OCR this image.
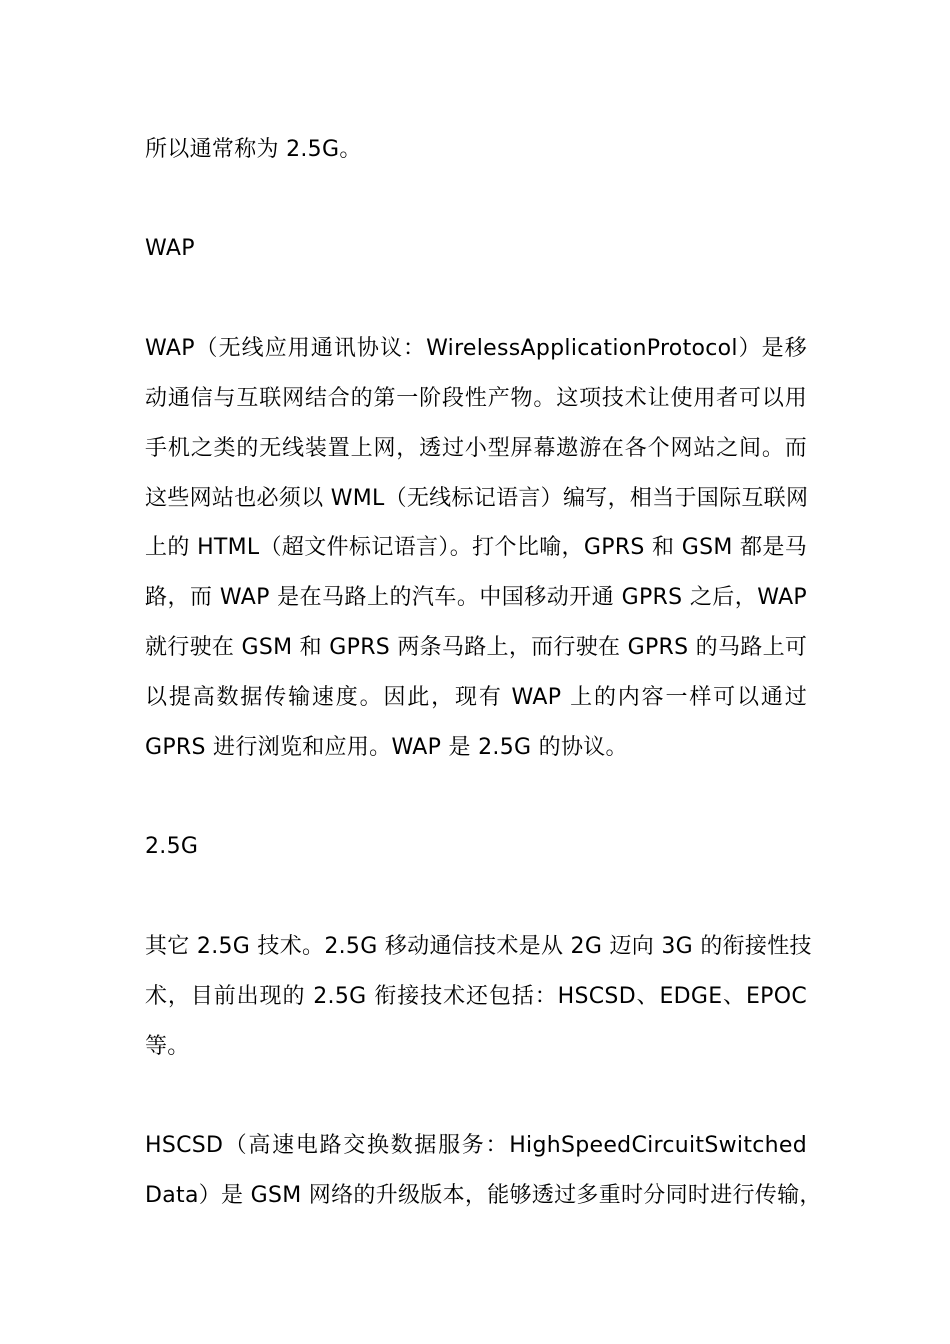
所以通常称为 2.5G。
WAP
WAP（无线应用通讯协议：WirelessApplicationProtocol）是移
动通信与互联网结合的第一阶段性产物。这项技术让使用者可以用
手机之类的无线装置上网，透过小型屏幕遨游在各个网站之间。而
这些网站也必须以 WML（无线标记语言）编写，相当于国际互联网
上的 HTML（超文件标记语言）。打个比喻，GPRS 和 GSM 都是马
路，而 WAP 是在马路上的汽车。中国移动开通 GPRS 之后，WAP
就行驶在 GSM 和 GPRS 两条马路上，而行驶在 GPRS 的马路上可
以提高数据传输速度。因此，现有 WAP 上的内容一样可以通过
GPRS 进行浏览和应用。WAP 是 2.5G 的协议。
2.5G
其它 2.5G 技术。2.5G 移动通信技术是从 2G 迈向 3G 的衔接性技
术，目前出现的 2.5G 衔接技术还包括：HSCSD、EDGE、EPOC
等。
HSCSD（高速电路交换数据服务：HighSpeedCircuitSwitched
Data）是 GSM 网络的升级版本，能够透过多重时分同时进行传输，
